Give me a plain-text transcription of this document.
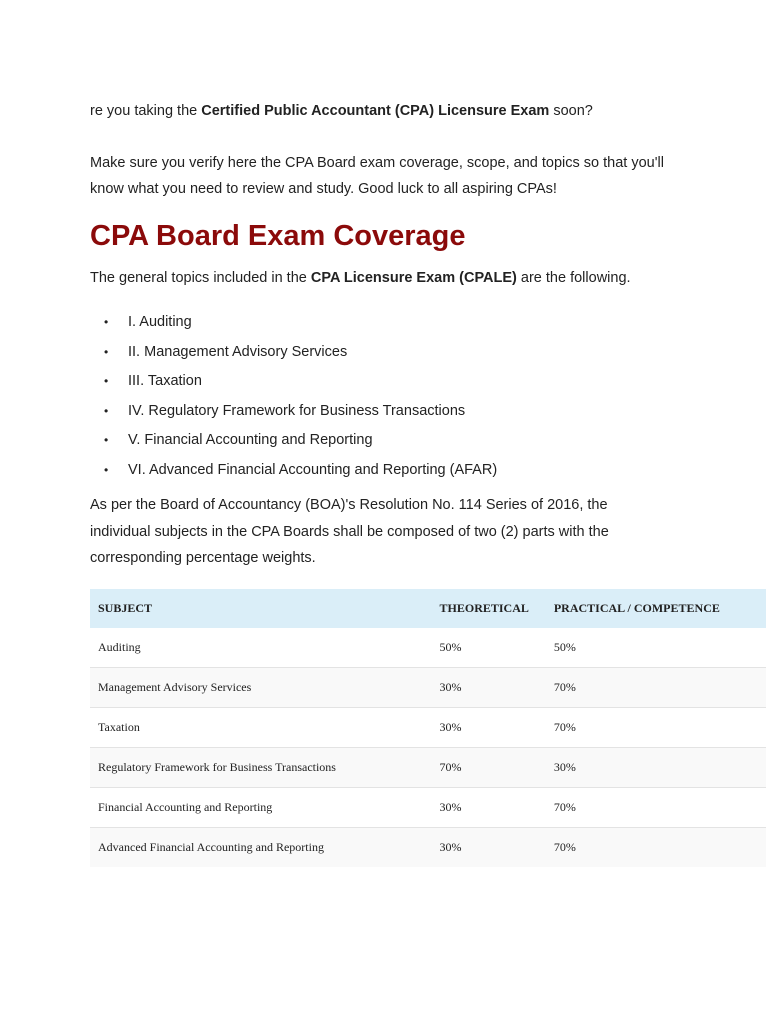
re you taking the Certified Public Accountant (CPA) Licensure Exam soon?

Make sure you verify here the CPA Board exam coverage, scope, and topics so that you'll know what you need to review and study. Good luck to all aspiring CPAs!

CPA Board Exam Coverage

The general topics included in the CPA Licensure Exam (CPALE) are the following.

• I. Auditing
• II. Management Advisory Services
• III. Taxation
• IV. Regulatory Framework for Business Transactions
• V. Financial Accounting and Reporting
• VI. Advanced Financial Accounting and Reporting (AFAR)

As per the Board of Accountancy (BOA)'s Resolution No. 114 Series of 2016, the individual subjects in the CPA Boards shall be composed of two (2) parts with the corresponding percentage weights.

SUBJECT	THEORETICAL	PRACTICAL / COMPETENCE
Auditing	50%	50%
Management Advisory Services	30%	70%
Taxation	30%	70%
Regulatory Framework for Business Transactions	70%	30%
Financial Accounting and Reporting	30%	70%
Advanced Financial Accounting and Reporting	30%	70%
